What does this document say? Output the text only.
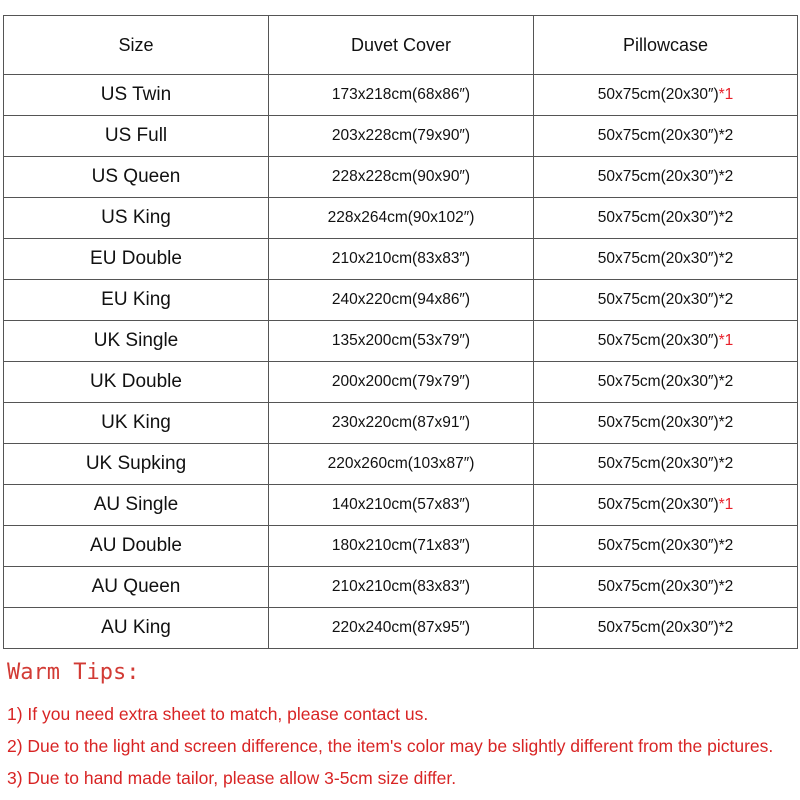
Size	Duvet Cover	Pillowcase
US Twin	173x218cm(68x86″)	50x75cm(20x30″)*1
US Full	203x228cm(79x90″)	50x75cm(20x30″)*2
US Queen	228x228cm(90x90″)	50x75cm(20x30″)*2
US King	228x264cm(90x102″)	50x75cm(20x30″)*2
EU Double	210x210cm(83x83″)	50x75cm(20x30″)*2
EU King	240x220cm(94x86″)	50x75cm(20x30″)*2
UK Single	135x200cm(53x79″)	50x75cm(20x30″)*1
UK Double	200x200cm(79x79″)	50x75cm(20x30″)*2
UK King	230x220cm(87x91″)	50x75cm(20x30″)*2
UK Supking	220x260cm(103x87″)	50x75cm(20x30″)*2
AU Single	140x210cm(57x83″)	50x75cm(20x30″)*1
AU Double	180x210cm(71x83″)	50x75cm(20x30″)*2
AU Queen	210x210cm(83x83″)	50x75cm(20x30″)*2
AU King	220x240cm(87x95″)	50x75cm(20x30″)*2
Warm Tips:
1) If you need extra sheet to match, please contact us.
2) Due to the light and screen difference, the item's color may be slightly different from the pictures.
3) Due to hand made tailor, please allow 3-5cm size differ.
